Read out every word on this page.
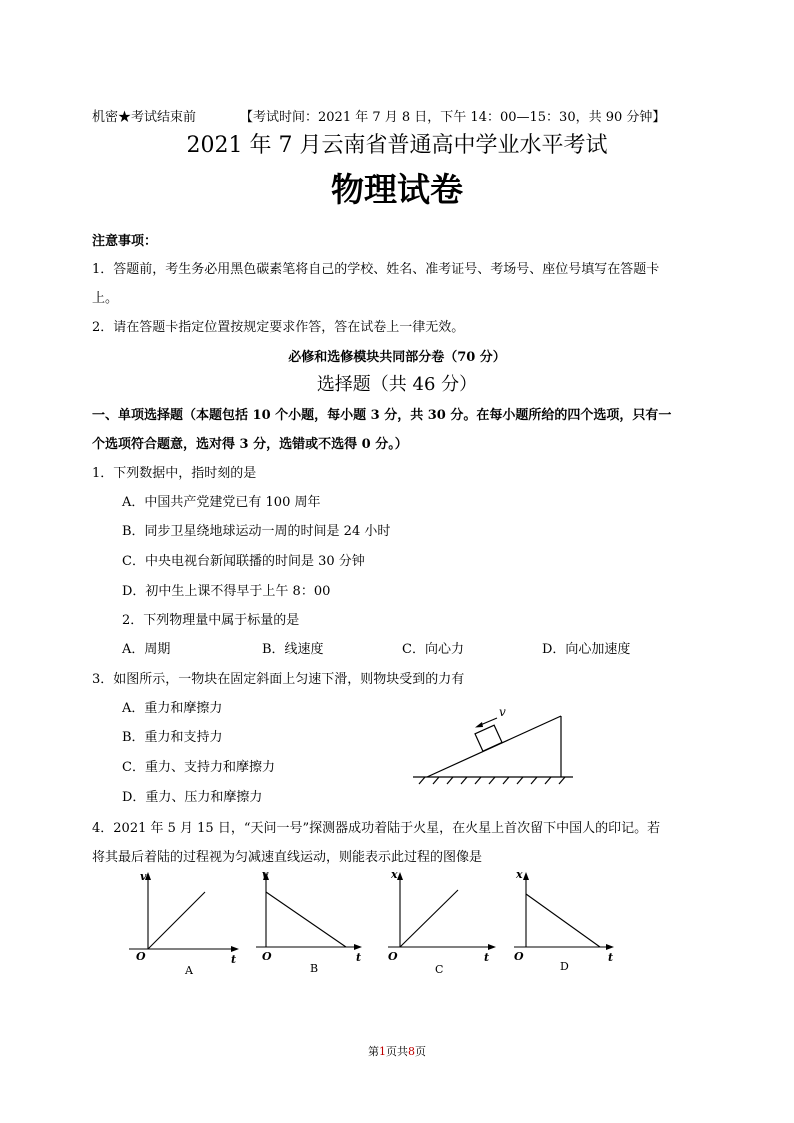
机密★考试结束前	【考试时间：2021 年 7 月 8 日，下午 14：00—15：30，共 90 分钟】
2021 年 7 月云南省普通高中学业水平考试
物理试卷
注意事项：
1．答题前，考生务必用黑色碳素笔将自己的学校、姓名、准考证号、考场号、座位号填写在答题卡
上。
2．请在答题卡指定位置按规定要求作答，答在试卷上一律无效。
必修和选修模块共同部分卷（70 分）
选择题（共 46 分）
一、单项选择题（本题包括 10 个小题，每小题 3 分，共 30 分。在每小题所给的四个选项，只有一
个选项符合题意，选对得 3 分，选错或不选得 0 分。）
1．下列数据中，指时刻的是
A．中国共产党建党已有 100 周年
B．同步卫星绕地球运动一周的时间是 24 小时
C．中央电视台新闻联播的时间是 30 分钟
D．初中生上课不得早于上午 8：00
2．下列物理量中属于标量的是
A．周期	B．线速度	C．向心力	D．向心加速度
3．如图所示，一物块在固定斜面上匀速下滑，则物块受到的力有
A．重力和摩擦力
B．重力和支持力
C．重力、支持力和摩擦力
D．重力、压力和摩擦力
v
4．2021 年 5 月 15 日，“天问一号”探测器成功着陆于火星，在火星上首次留下中国人的印记。若
将其最后着陆的过程视为匀减速直线运动，则能表示此过程的图像是
v
t
O
A
v
t
O
B
x
t
O
C
x
t
O
D
第1页共8页
